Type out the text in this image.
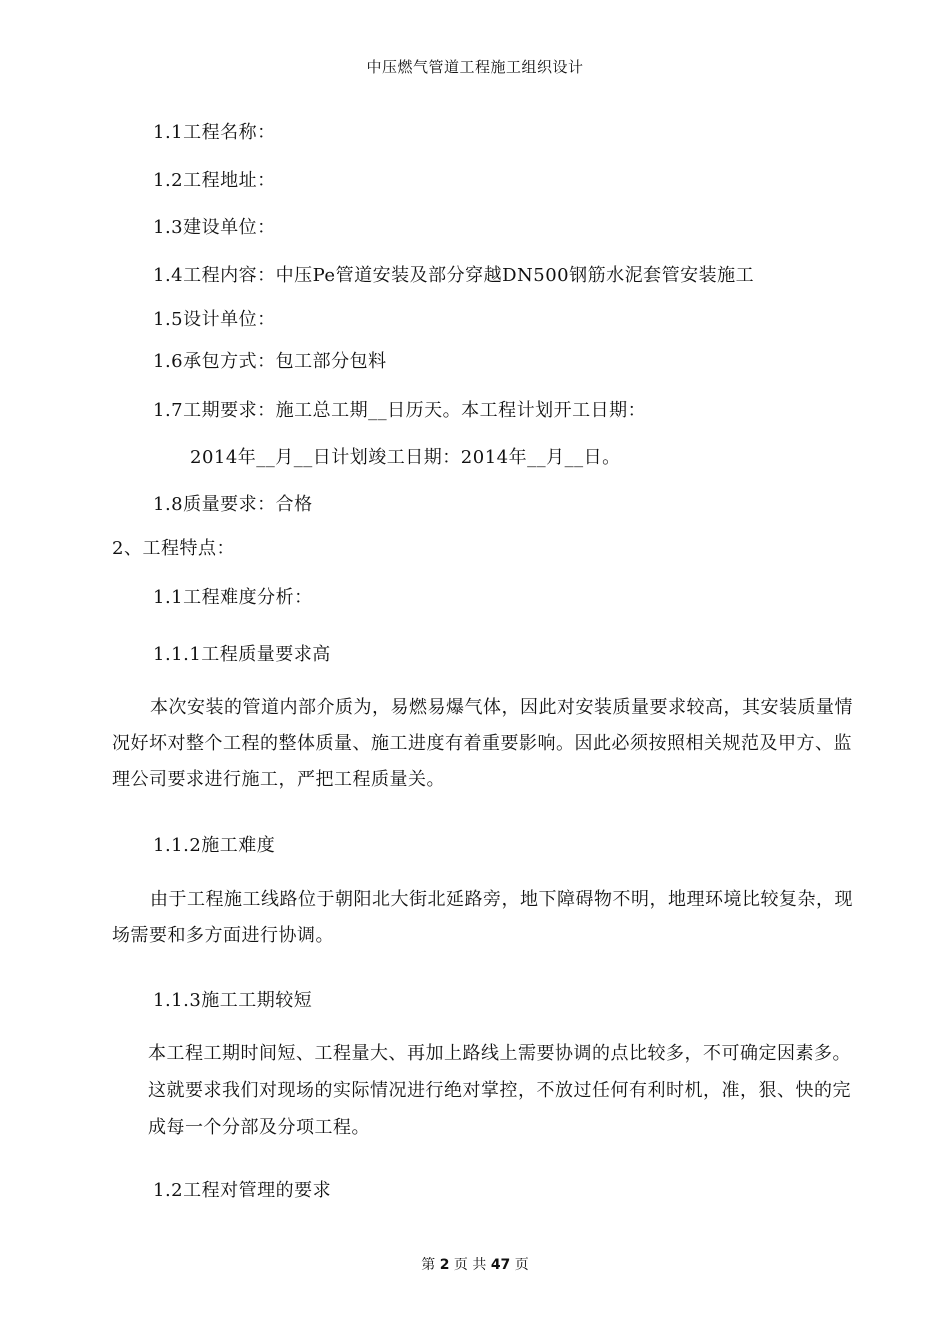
中压燃气管道工程施工组织设计
1.1工程名称：
1.2工程地址：
1.3建设单位：
1.4工程内容：中压Pe管道安装及部分穿越DN500钢筋水泥套管安装施工
1.5设计单位：
1.6承包方式：包工部分包料
1.7工期要求：施工总工期__日历天。本工程计划开工日期：
2014年__月__日计划竣工日期：2014年__月__日。
1.8质量要求：合格
2、工程特点：
1.1工程难度分析：
1.1.1工程质量要求高
本次安装的管道内部介质为，易燃易爆气体，因此对安装质量要求较高，其安装质量情
况好坏对整个工程的整体质量、施工进度有着重要影响。因此必须按照相关规范及甲方、监
理公司要求进行施工，严把工程质量关。
1.1.2施工难度
由于工程施工线路位于朝阳北大街北延路旁，地下障碍物不明，地理环境比较复杂，现
场需要和多方面进行协调。
1.1.3施工工期较短
本工程工期时间短、工程量大、再加上路线上需要协调的点比较多，不可确定因素多。
这就要求我们对现场的实际情况进行绝对掌控，不放过任何有利时机，准，狠、快的完
成每一个分部及分项工程。
1.2工程对管理的要求
第 2 页 共 47 页
